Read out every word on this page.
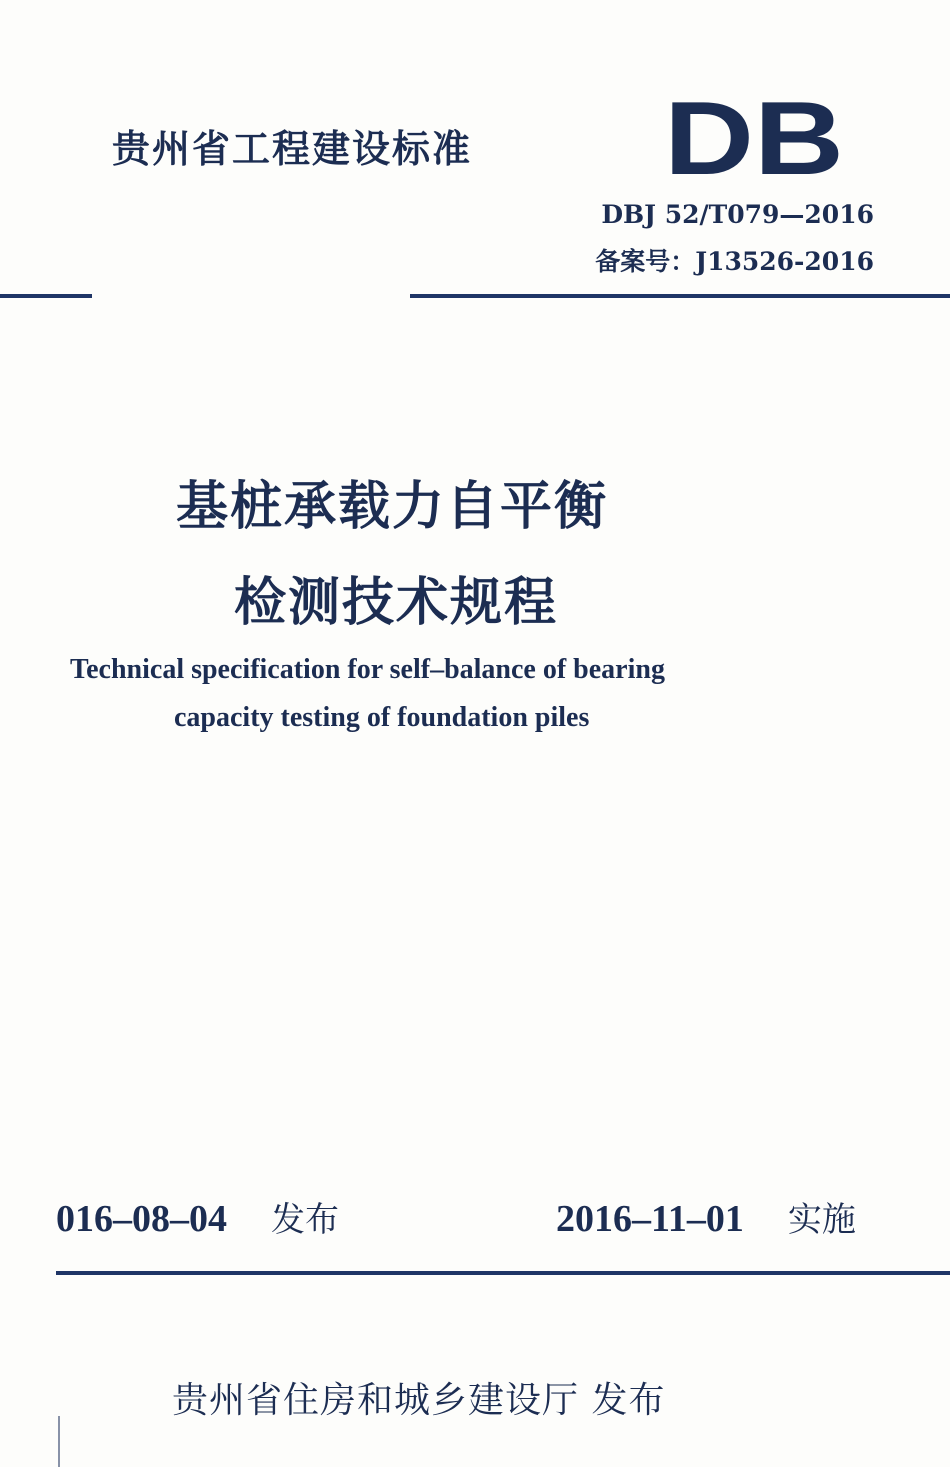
贵州省工程建设标准 DB
DBJ 52/T079—2016
备案号：J13526-2016
基桩承载力自平衡
检测技术规程
Technical specification for self–balance of bearing
capacity testing of foundation piles
016–08–04 发布	2016–11–01 实施
贵州省住房和城乡建设厅 发布
